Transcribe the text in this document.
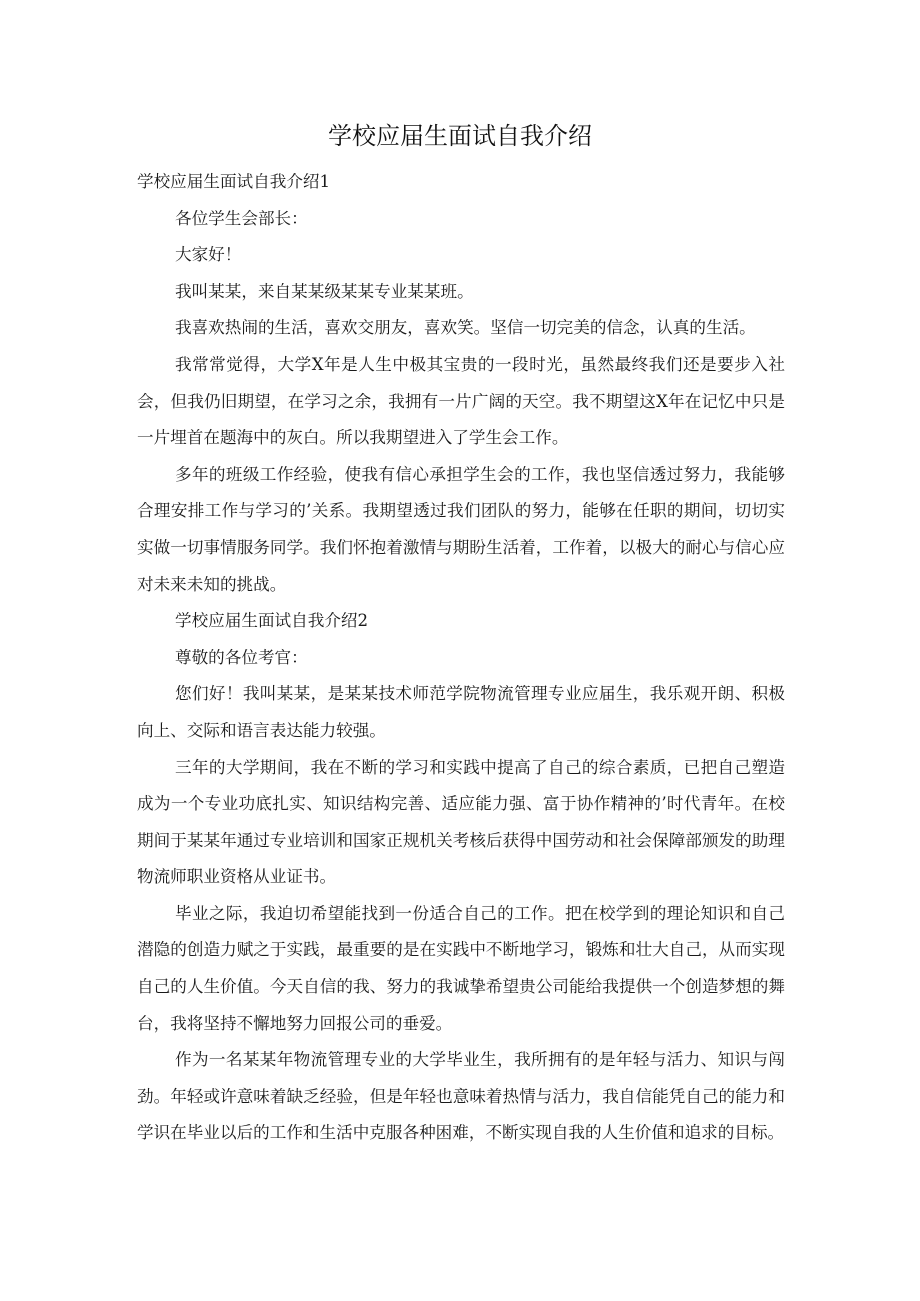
学校应届生面试自我介绍

学校应届生面试自我介绍1

各位学生会部长：

大家好！

我叫某某，来自某某级某某专业某某班。

我喜欢热闹的生活，喜欢交朋友，喜欢笑。坚信一切完美的信念，认真的生活。

我常常觉得，大学X年是人生中极其宝贵的一段时光，虽然最终我们还是要步入社会，但我仍旧期望，在学习之余，我拥有一片广阔的天空。我不期望这X年在记忆中只是一片埋首在题海中的灰白。所以我期望进入了学生会工作。

多年的班级工作经验，使我有信心承担学生会的工作，我也坚信透过努力，我能够合理安排工作与学习的’关系。我期望透过我们团队的努力，能够在任职的期间，切切实实做一切事情服务同学。我们怀抱着激情与期盼生活着，工作着，以极大的耐心与信心应对未来未知的挑战。

学校应届生面试自我介绍2

尊敬的各位考官：

您们好！我叫某某，是某某技术师范学院物流管理专业应届生，我乐观开朗、积极向上、交际和语言表达能力较强。

三年的大学期间，我在不断的学习和实践中提高了自己的综合素质，已把自己塑造成为一个专业功底扎实、知识结构完善、适应能力强、富于协作精神的’时代青年。在校期间于某某年通过专业培训和国家正规机关考核后获得中国劳动和社会保障部颁发的助理物流师职业资格从业证书。

毕业之际，我迫切希望能找到一份适合自己的工作。把在校学到的理论知识和自己潜隐的创造力赋之于实践，最重要的是在实践中不断地学习，锻炼和壮大自己，从而实现自己的人生价值。今天自信的我、努力的我诚挚希望贵公司能给我提供一个创造梦想的舞台，我将坚持不懈地努力回报公司的垂爱。

作为一名某某年物流管理专业的大学毕业生，我所拥有的是年轻与活力、知识与闯劲。年轻或许意味着缺乏经验，但是年轻也意味着热情与活力，我自信能凭自己的能力和学识在毕业以后的工作和生活中克服各种困难，不断实现自我的人生价值和追求的目标。
